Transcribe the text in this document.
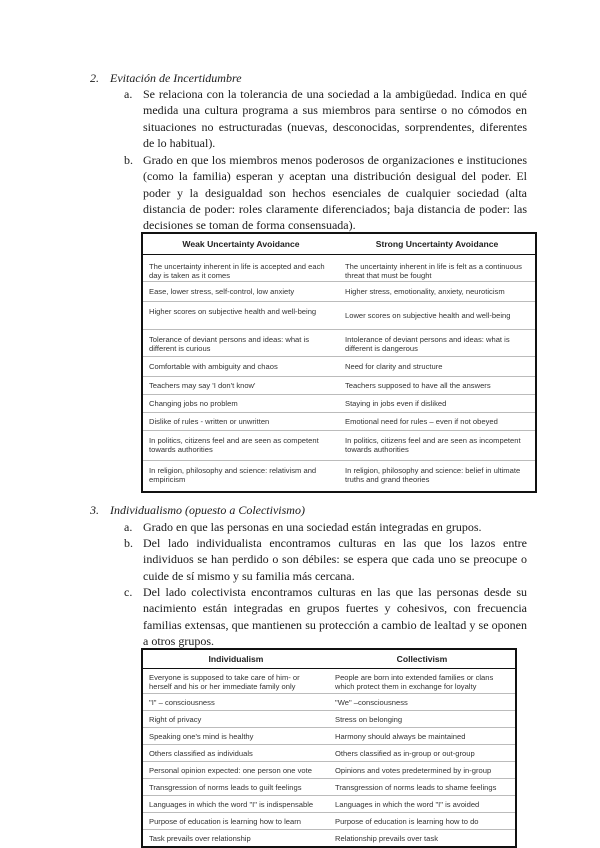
2. Evitación de Incertidumbre
a. Se relaciona con la tolerancia de una sociedad a la ambigüedad. Indica en qué medida una cultura programa a sus miembros para sentirse o no cómodos en situaciones no estructuradas (nuevas, desconocidas, sorprendentes, diferentes de lo habitual).
b. Grado en que los miembros menos poderosos de organizaciones e instituciones (como la familia) esperan y aceptan una distribución desigual del poder. El poder y la desigualdad son hechos esenciales de cualquier sociedad (alta distancia de poder: roles claramente diferenciados; baja distancia de poder: las decisiones se toman de forma consensuada).
Weak Uncertainty Avoidance	Strong Uncertainty Avoidance
The uncertainty inherent in life is accepted and each day is taken as it comes	The uncertainty inherent in life is felt as a continuous threat that must be fought
Ease, lower stress, self-control, low anxiety	Higher stress, emotionality, anxiety, neuroticism
Higher scores on subjective health and well-being	Lower scores on subjective health and well-being
Tolerance of deviant persons and ideas: what is different is curious	Intolerance of deviant persons and ideas: what is different is dangerous
Comfortable with ambiguity and chaos	Need for clarity and structure
Teachers may say 'I don't know'	Teachers supposed to have all the answers
Changing jobs no problem	Staying in jobs even if disliked
Dislike of rules - written or unwritten	Emotional need for rules – even if not obeyed
In politics, citizens feel and are seen as competent towards authorities	In politics, citizens feel and are seen as incompetent towards authorities
In religion, philosophy and science: relativism and empiricism	In religion, philosophy and science: belief in ultimate truths and grand theories
3. Individualismo (opuesto a Colectivismo)
a. Grado en que las personas en una sociedad están integradas en grupos.
b. Del lado individualista encontramos culturas en las que los lazos entre individuos se han perdido o son débiles: se espera que cada uno se preocupe o cuide de sí mismo y su familia más cercana.
c. Del lado colectivista encontramos culturas en las que las personas desde su nacimiento están integradas en grupos fuertes y cohesivos, con frecuencia familias extensas, que mantienen su protección a cambio de lealtad y se oponen a otros grupos.
Individualism	Collectivism
Everyone is supposed to take care of him- or herself and his or her immediate family only	People are born into extended families or clans which protect them in exchange for loyalty
"I" – consciousness	"We" –consciousness
Right of privacy	Stress on belonging
Speaking one's mind is healthy	Harmony should always be maintained
Others classified as individuals	Others classified as in-group or out-group
Personal opinion expected: one person one vote	Opinions and votes predetermined by in-group
Transgression of norms leads to guilt feelings	Transgression of norms leads to shame feelings
Languages in which the word "I" is indispensable	Languages in which the word "I" is avoided
Purpose of education is learning how to learn	Purpose of education is learning how to do
Task prevails over relationship	Relationship prevails over task
